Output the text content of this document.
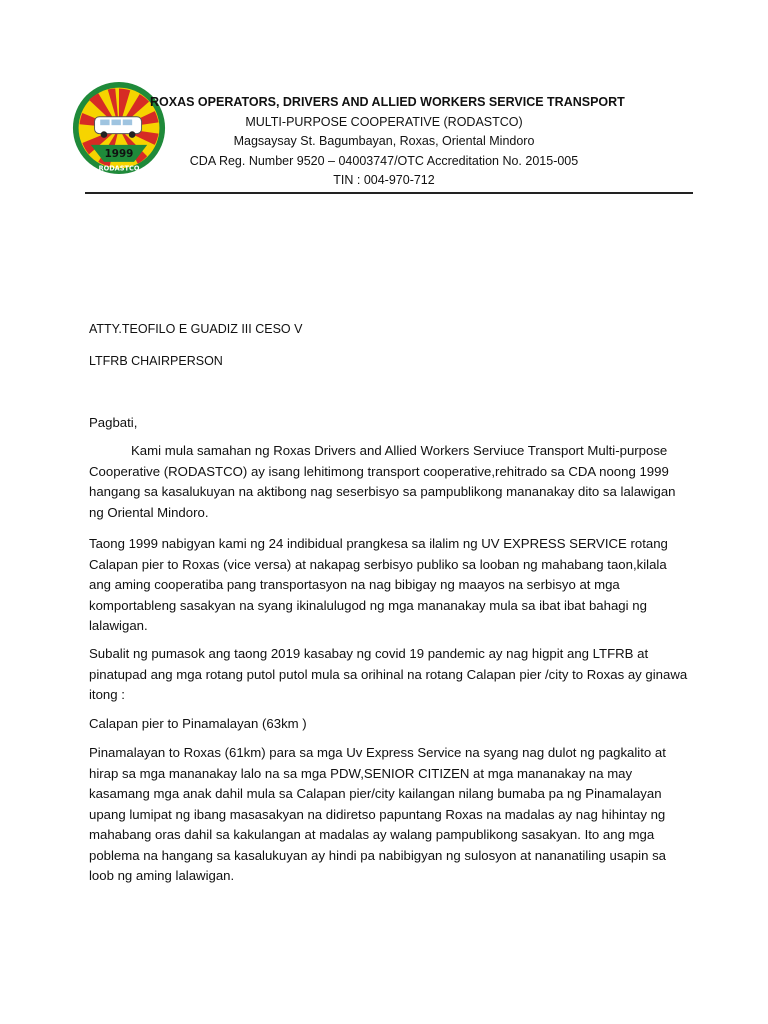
1999
RODASTCO
ROXAS OPERATORS, DRIVERS AND ALLIED WORKERS SERVICE TRANSPORT
MULTI-PURPOSE COOPERATIVE (RODASTCO)
Magsaysay St. Bagumbayan, Roxas, Oriental Mindoro
CDA Reg. Number 9520 – 04003747/OTC Accreditation No. 2015-005
TIN : 004-970-712
ATTY.TEOFILO E GUADIZ III CESO V
LTFRB CHAIRPERSON
Pagbati,

Kami mula samahan ng Roxas Drivers and Allied Workers Serviuce Transport Multi-purpose Cooperative (RODASTCO) ay isang lehitimong transport cooperative,rehitrado sa CDA noong 1999 hangang sa kasalukuyan na aktibong nag seserbisyo sa pampublikong mananakay dito sa lalawigan ng Oriental Mindoro.

Taong 1999 nabigyan kami ng 24 indibidual prangkesa sa ilalim ng UV EXPRESS SERVICE rotang Calapan pier to Roxas (vice versa) at nakapag serbisyo publiko sa looban ng mahabang taon,kilala ang aming cooperatiba pang transportasyon na nag bibigay ng maayos na serbisyo at mga komportableng sasakyan na syang ikinalulugod ng mga mananakay mula sa ibat ibat bahagi ng lalawigan.

Subalit ng pumasok ang taong 2019 kasabay ng covid 19 pandemic ay nag higpit ang LTFRB at pinatupad ang mga rotang putol putol mula sa orihinal na rotang Calapan pier /city to Roxas ay ginawa itong :

Calapan pier to Pinamalayan (63km )

Pinamalayan to Roxas (61km) para sa mga Uv Express Service na syang nag dulot ng pagkalito at hirap sa mga mananakay lalo na sa mga PDW,SENIOR CITIZEN at mga mananakay na may kasamang mga anak dahil mula sa Calapan pier/city kailangan nilang bumaba pa ng Pinamalayan upang lumipat ng ibang masasakyan na didiretso papuntang Roxas na madalas ay nag hihintay ng mahabang oras dahil sa kakulangan at madalas ay walang pampublikong sasakyan. Ito ang mga poblema na hangang sa kasalukuyan ay hindi pa nabibigyan ng sulosyon at nananatiling usapin sa loob ng aming lalawigan.
